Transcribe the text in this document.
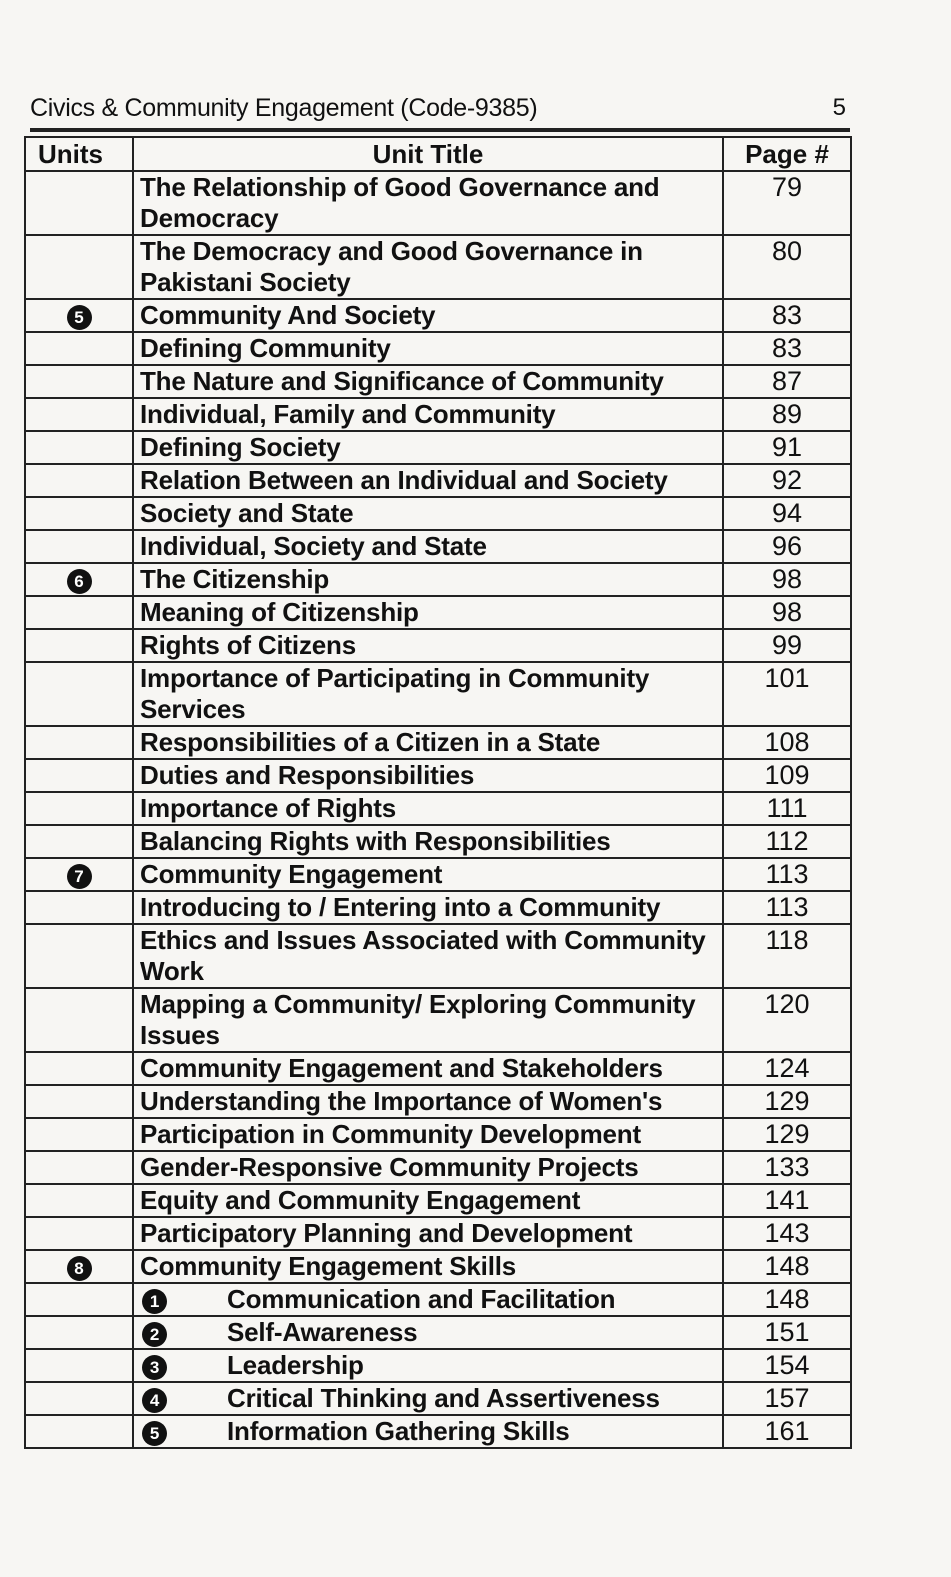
Civics & Community Engagement (Code-9385)	5
Units	Unit Title	Page #
	The Relationship of Good Governance and Democracy	79
	The Democracy and Good Governance in Pakistani Society	80
5	Community And Society	83
	Defining Community	83
	The Nature and Significance of Community	87
	Individual, Family and Community	89
	Defining Society	91
	Relation Between an Individual and Society	92
	Society and State	94
	Individual, Society and State	96
6	The Citizenship	98
	Meaning of Citizenship	98
	Rights of Citizens	99
	Importance of Participating in Community Services	101
	Responsibilities of a Citizen in a State	108
	Duties and Responsibilities	109
	Importance of Rights	111
	Balancing Rights with Responsibilities	112
7	Community Engagement	113
	Introducing to / Entering into a Community	113
	Ethics and Issues Associated with Community Work	118
	Mapping a Community/ Exploring Community Issues	120
	Community Engagement and Stakeholders	124
	Understanding the Importance of Women's	129
	Participation in Community Development	129
	Gender-Responsive Community Projects	133
	Equity and Community Engagement	141
	Participatory Planning and Development	143
8	Community Engagement Skills	148
	1 Communication and Facilitation	148
	2 Self-Awareness	151
	3 Leadership	154
	4 Critical Thinking and Assertiveness	157
	5 Information Gathering Skills	161
